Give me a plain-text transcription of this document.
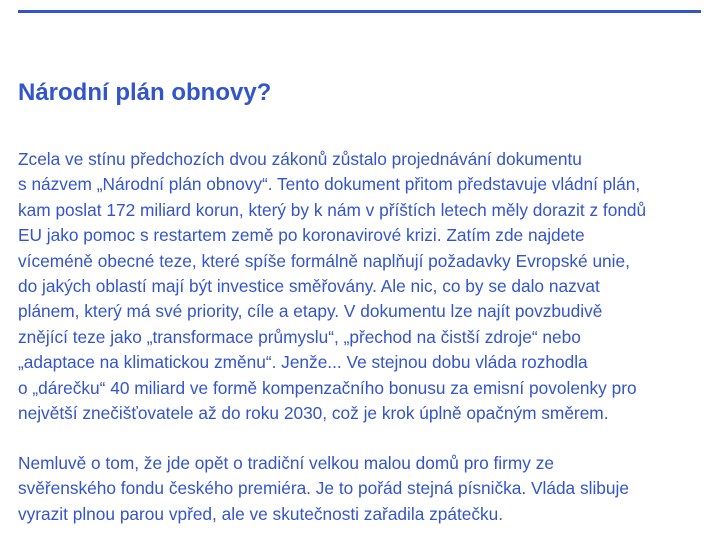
Národní plán obnovy?

Zcela ve stínu předchozích dvou zákonů zůstalo projednávání dokumentu
s názvem „Národní plán obnovy“. Tento dokument přitom představuje vládní plán,
kam poslat 172 miliard korun, který by k nám v příštích letech měly dorazit z fondů
EU jako pomoc s restartem země po koronavirové krizi. Zatím zde najdete
víceméně obecné teze, které spíše formálně naplňují požadavky Evropské unie,
do jakých oblastí mají být investice směřovány. Ale nic, co by se dalo nazvat
plánem, který má své priority, cíle a etapy. V dokumentu lze najít povzbudivě
znějící teze jako „transformace průmyslu“, „přechod na čistší zdroje“ nebo
„adaptace na klimatickou změnu“. Jenže... Ve stejnou dobu vláda rozhodla
o „dárečku“ 40 miliard ve formě kompenzačního bonusu za emisní povolenky pro
největší znečišťovatele až do roku 2030, což je krok úplně opačným směrem.

Nemluvě o tom, že jde opět o tradiční velkou malou domů pro firmy ze
svěřenského fondu českého premiéra. Je to pořád stejná písnička. Vláda slibuje
vyrazit plnou parou vpřed, ale ve skutečnosti zařadila zpátečku.
